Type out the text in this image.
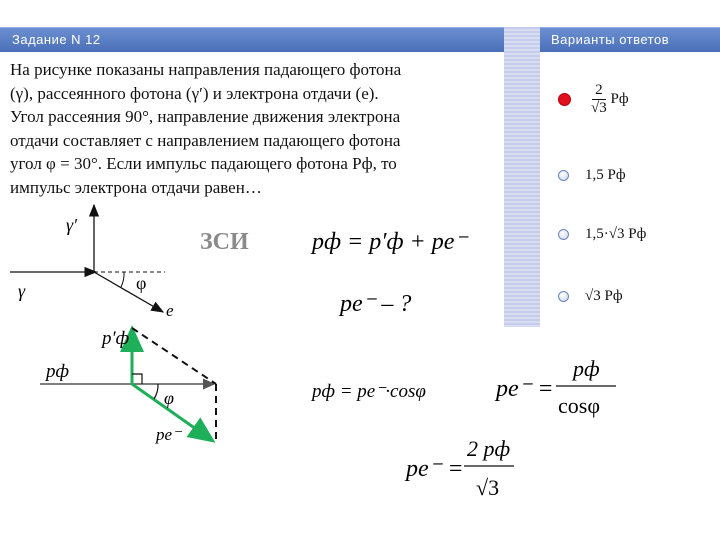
Задание N 12	Варианты ответов

На рисунке показаны направления падающего фотона

(γ), рассеянного фотона (γ′) и электрона отдачи (e).

Угол рассеяния 90°, направление движения электрона

отдачи составляет с направлением падающего фотона

угол φ = 30°. Если импульс падающего фотона Pф, то

импульс электрона отдачи равен…

$\frac{2}{√3}$ Pф
1,5 Pф
1,5·√3 Pф
√3 Pф
γ′
γ	φ
e
p′ф
pф
φ
pe⁻
ЗСИ	pф = p′ф + pe⁻
pe⁻ – ?
pф = pe⁻·cosφ	pe⁻ =
pф
cosφ
pe⁻ =
2 pф
√3
